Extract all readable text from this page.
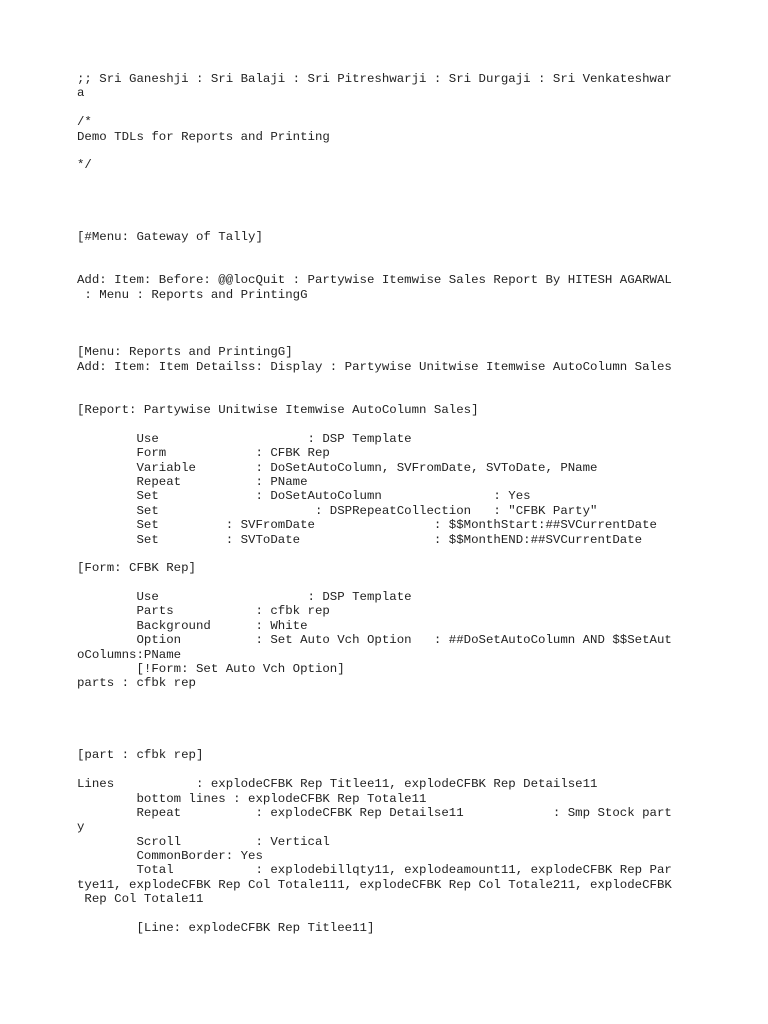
;; Sri Ganeshji : Sri Balaji : Sri Pitreshwarji : Sri Durgaji : Sri Venkateshwar
a

/*
Demo TDLs for Reports and Printing

*/

[#Menu: Gateway of Tally]

Add: Item: Before: @@locQuit : Partywise Itemwise Sales Report By HITESH AGARWAL
: Menu : Reports and PrintingG

[Menu: Reports and PrintingG]
Add: Item: Item Detailss: Display : Partywise Unitwise Itemwise AutoColumn Sales

[Report: Partywise Unitwise Itemwise AutoColumn Sales]

Use                    : DSP Template
Form            : CFBK Rep
Variable        : DoSetAutoColumn, SVFromDate, SVToDate, PName
Repeat          : PName
Set             : DoSetAutoColumn               : Yes
Set                     : DSPRepeatCollection   : "CFBK Party"
Set         : SVFromDate                : $$MonthStart:##SVCurrentDate
Set         : SVToDate                  : $$MonthEND:##SVCurrentDate

[Form: CFBK Rep]

Use                    : DSP Template
Parts           : cfbk rep
Background      : White
Option          : Set Auto Vch Option   : ##DoSetAutoColumn AND $$SetAut
oColumns:PName
[!Form: Set Auto Vch Option]
parts : cfbk rep

[part : cfbk rep]

Lines           : explodeCFBK Rep Titlee11, explodeCFBK Rep Detailse11
bottom lines : explodeCFBK Rep Totale11
Repeat          : explodeCFBK Rep Detailse11            : Smp Stock part
y
Scroll          : Vertical
CommonBorder: Yes
Total           : explodebillqty11, explodeamount11, explodeCFBK Rep Par
tye11, explodeCFBK Rep Col Totale111, explodeCFBK Rep Col Totale211, explodeCFBK
Rep Col Totale11

[Line: explodeCFBK Rep Titlee11]
